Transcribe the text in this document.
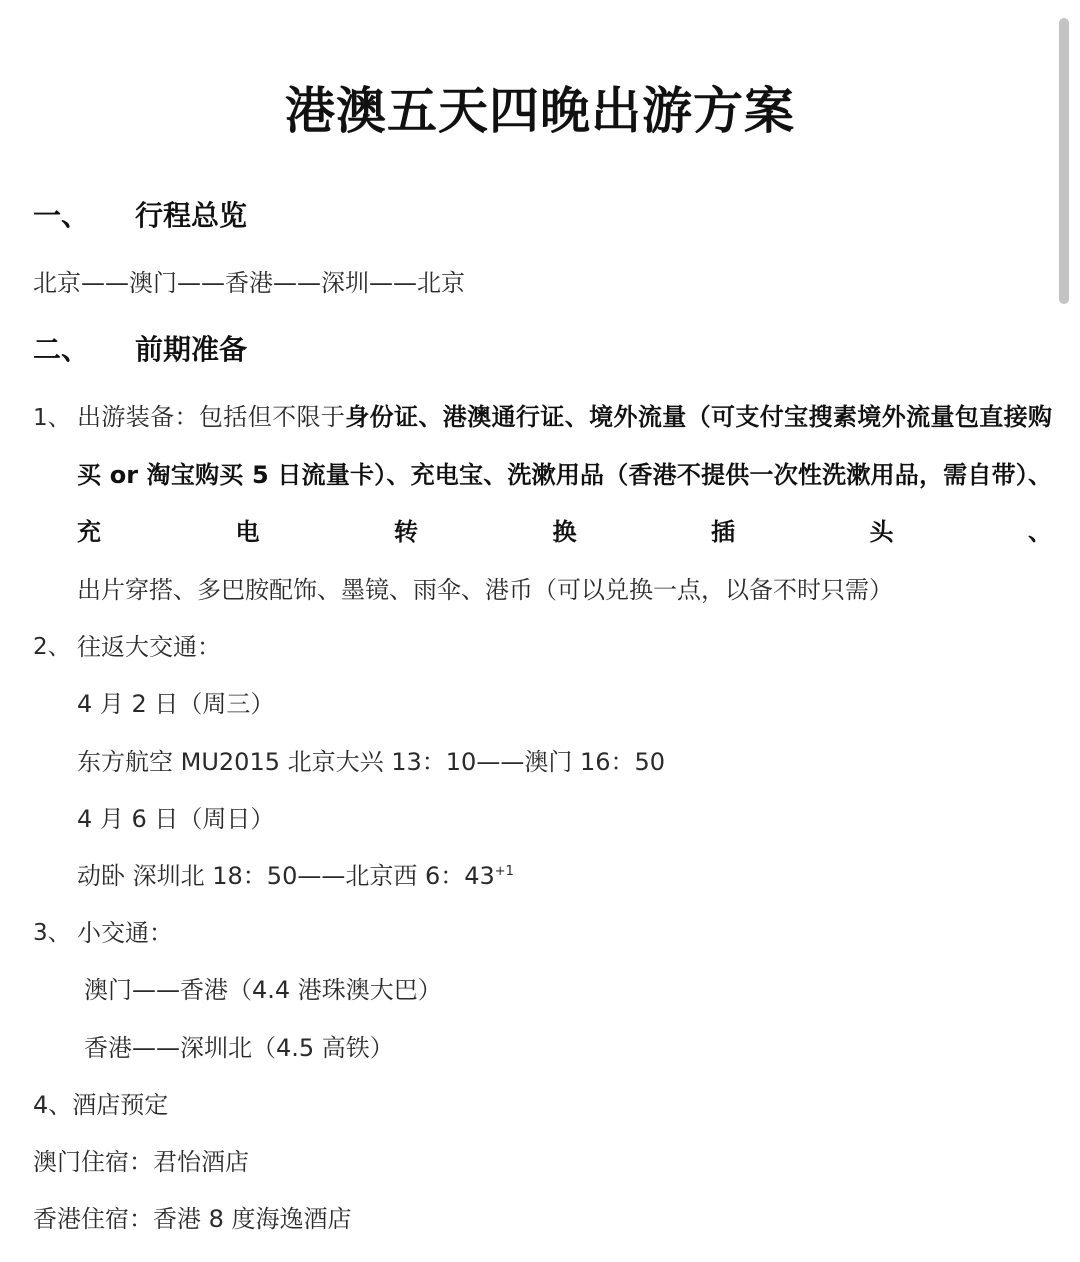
港澳五天四晚出游方案
一、 行程总览
北京——澳门——香港——深圳——北京
二、 前期准备
1、 出游装备：包括但不限于身份证、港澳通行证、境外流量（可支付宝搜素境外流量包直接购买 or 淘宝购买 5 日流量卡）、充电宝、洗漱用品（香港不提供一次性洗漱用品，需自带）、充电转换插头、出片穿搭、多巴胺配饰、墨镜、雨伞、港币（可以兑换一点，以备不时只需）
2、 往返大交通：
4 月 2 日（周三）
东方航空 MU2015 北京大兴 13：10——澳门 16：50
4 月 6 日（周日）
动卧 深圳北 18：50——北京西 6：$43^{+1}$
3、 小交通：
澳门——香港（4.4 港珠澳大巴）
香港——深圳北（4.5 高铁）
4、酒店预定
澳门住宿：君怡酒店
香港住宿：香港 8 度海逸酒店
